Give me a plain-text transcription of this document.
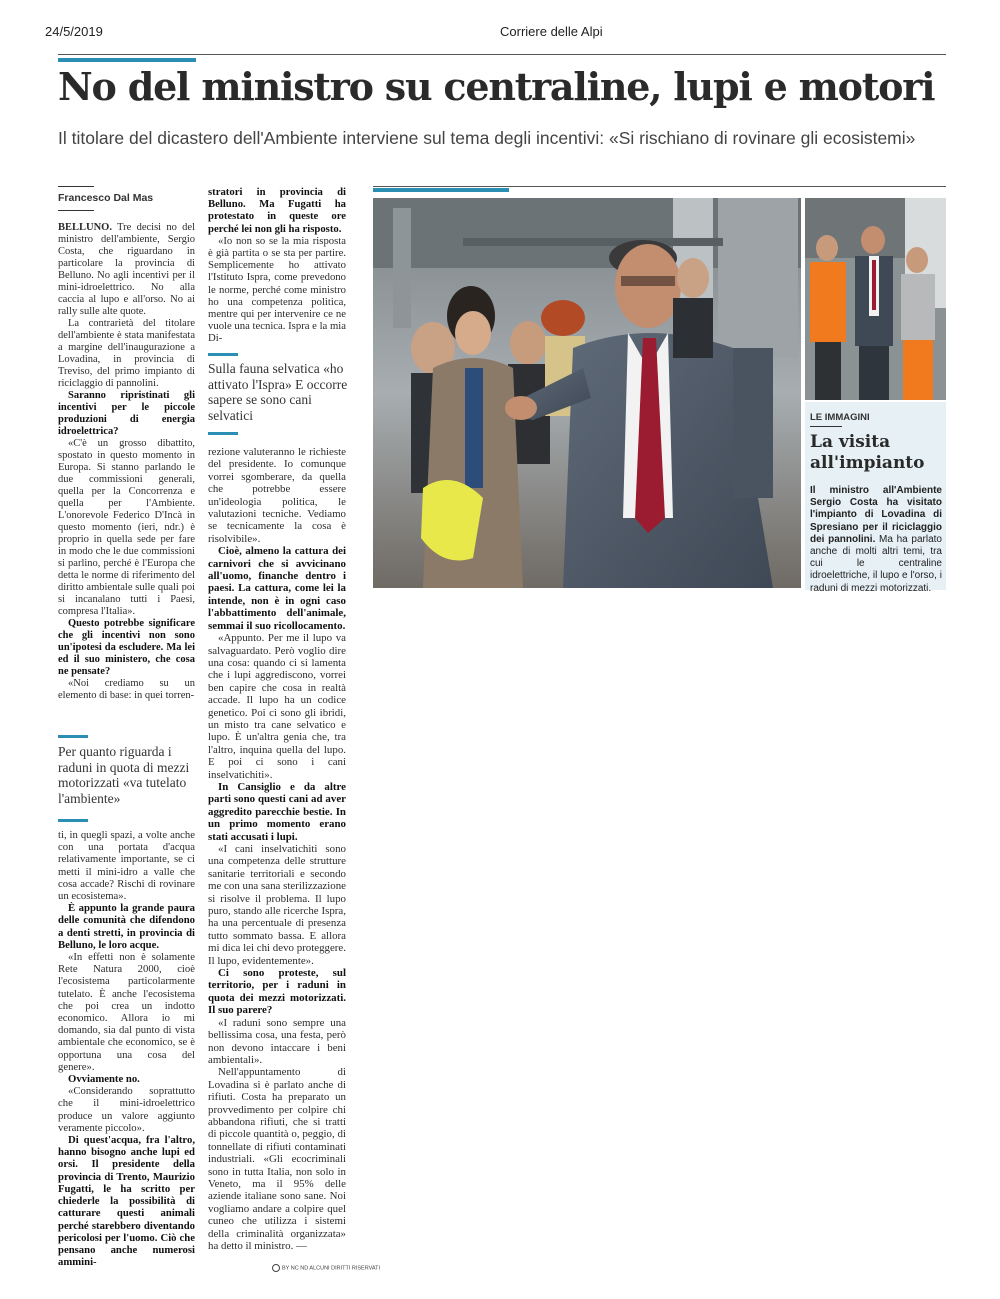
24/5/2019	Corriere delle Alpi
No del ministro su centraline, lupi e motori
Il titolare del dicastero dell'Ambiente interviene sul tema degli incentivi: «Si rischiano di rovinare gli ecosistemi»
Francesco Dal Mas

BELLUNO. Tre decisi no del ministro dell'ambiente, Sergio Costa, che riguardano in particolare la provincia di Belluno. No agli incentivi per il mini-idroelettrico. No alla caccia al lupo e all'orso. No ai rally sulle alte quote.

La contrarietà del titolare dell'ambiente è stata manifestata a margine dell'inaugurazione a Lovadina, in provincia di Treviso, del primo impianto di riciclaggio di pannolini.

Saranno ripristinati gli incentivi per le piccole produzioni di energia idroelettrica?

«C'è un grosso dibattito, spostato in questo momento in Europa. Si stanno parlando le due commissioni generali, quella per la Concorrenza e quella per l'Ambiente. L'onorevole Federico D'Incà in questo momento (ieri, ndr.) è proprio in quella sede per fare in modo che le due commissioni si parlino, perché è l'Europa che detta le norme di riferimento del diritto ambientale sulle quali poi si incanalano tutti i Paesi, compresa l'Italia».

Questo potrebbe significare che gli incentivi non sono un'ipotesi da escludere. Ma lei ed il suo ministero, che cosa ne pensate?

«Noi crediamo su un elemento di base: in quei torren-

Per quanto riguarda i raduni in quota di mezzi motorizzati «va tutelato l'ambiente»

ti, in quegli spazi, a volte anche con una portata d'acqua relativamente importante, se ci metti il mini-idro a valle che cosa accade? Rischi di rovinare un ecosistema».

È appunto la grande paura delle comunità che difendono a denti stretti, in provincia di Belluno, le loro acque.

«In effetti non è solamente Rete Natura 2000, cioè l'ecosistema particolarmente tutelato. È anche l'ecosistema che poi crea un indotto economico. Allora io mi domando, sia dal punto di vista ambientale che economico, se è opportuna una cosa del genere».

Ovviamente no.

«Considerando soprattutto che il mini-idroelettrico produce un valore aggiunto veramente piccolo».

Di quest'acqua, fra l'altro, hanno bisogno anche lupi ed orsi. Il presidente della provincia di Trento, Maurizio Fugatti, le ha scritto per chiederle la possibilità di catturare questi animali perché starebbero diventando pericolosi per l'uomo. Ciò che pensano anche numerosi ammini-

stratori in provincia di Belluno. Ma Fugatti ha protestato in queste ore perché lei non gli ha risposto.

«Io non so se la mia risposta è già partita o se sta per partire. Semplicemente ho attivato l'Istituto Ispra, come prevedono le norme, perché come ministro ho una competenza politica, mentre qui per intervenire ce ne vuole una tecnica. Ispra e la mia Di-

Sulla fauna selvatica «ho attivato l'Ispra» E occorre sapere se sono cani selvatici

rezione valuteranno le richieste del presidente. Io comunque vorrei sgomberare, da quella che potrebbe essere un'ideologia politica, le valutazioni tecniche. Vediamo se tecnicamente la cosa è risolvibile».

Cioè, almeno la cattura dei carnivori che si avvicinano all'uomo, finanche dentro i paesi. La cattura, come lei la intende, non è in ogni caso l'abbattimento dell'animale, semmai il suo ricollocamento.

«Appunto. Per me il lupo va salvaguardato. Però voglio dire una cosa: quando ci si lamenta che i lupi aggrediscono, vorrei ben capire che cosa in realtà accade. Il lupo ha un codice genetico. Poi ci sono gli ibridi, un misto tra cane selvatico e lupo. È un'altra genia che, tra l'altro, inquina quella del lupo. E poi ci sono i cani inselvatichiti».

In Cansiglio e da altre parti sono questi cani ad aver aggredito parecchie bestie. In un primo momento erano stati accusati i lupi.

«I cani inselvatichiti sono una competenza delle strutture sanitarie territoriali e secondo me con una sana sterilizzazione si risolve il problema. Il lupo puro, stando alle ricerche Ispra, ha una percentuale di presenza tutto sommato bassa. E allora mi dica lei chi devo proteggere. Il lupo, evidentemente».

Ci sono proteste, sul territorio, per i raduni in quota dei mezzi motorizzati. Il suo parere?

«I raduni sono sempre una bellissima cosa, una festa, però non devono intaccare i beni ambientali».

Nell'appuntamento di Lovadina si è parlato anche di rifiuti. Costa ha preparato un provvedimento per colpire chi abbandona rifiuti, che si tratti di piccole quantità o, peggio, di tonnellate di rifiuti contaminati industriali. «Gli ecocriminali sono in tutta Italia, non solo in Veneto, ma il 95% delle aziende italiane sono sane. Noi vogliamo andare a colpire quel cuneo che utilizza i sistemi della criminalità organizzata» ha detto il ministro. —

LE IMMAGINI
La visita all'impianto
Il ministro all'Ambiente Sergio Costa ha visitato l'impianto di Lovadina di Spresiano per il riciclaggio dei pannolini. Ma ha parlato anche di molti altri temi, tra cui le centraline idroelettriche, il lupo e l'orso, i raduni di mezzi motorizzati.
BY NC ND ALCUNI DIRITTI RISERVATI
